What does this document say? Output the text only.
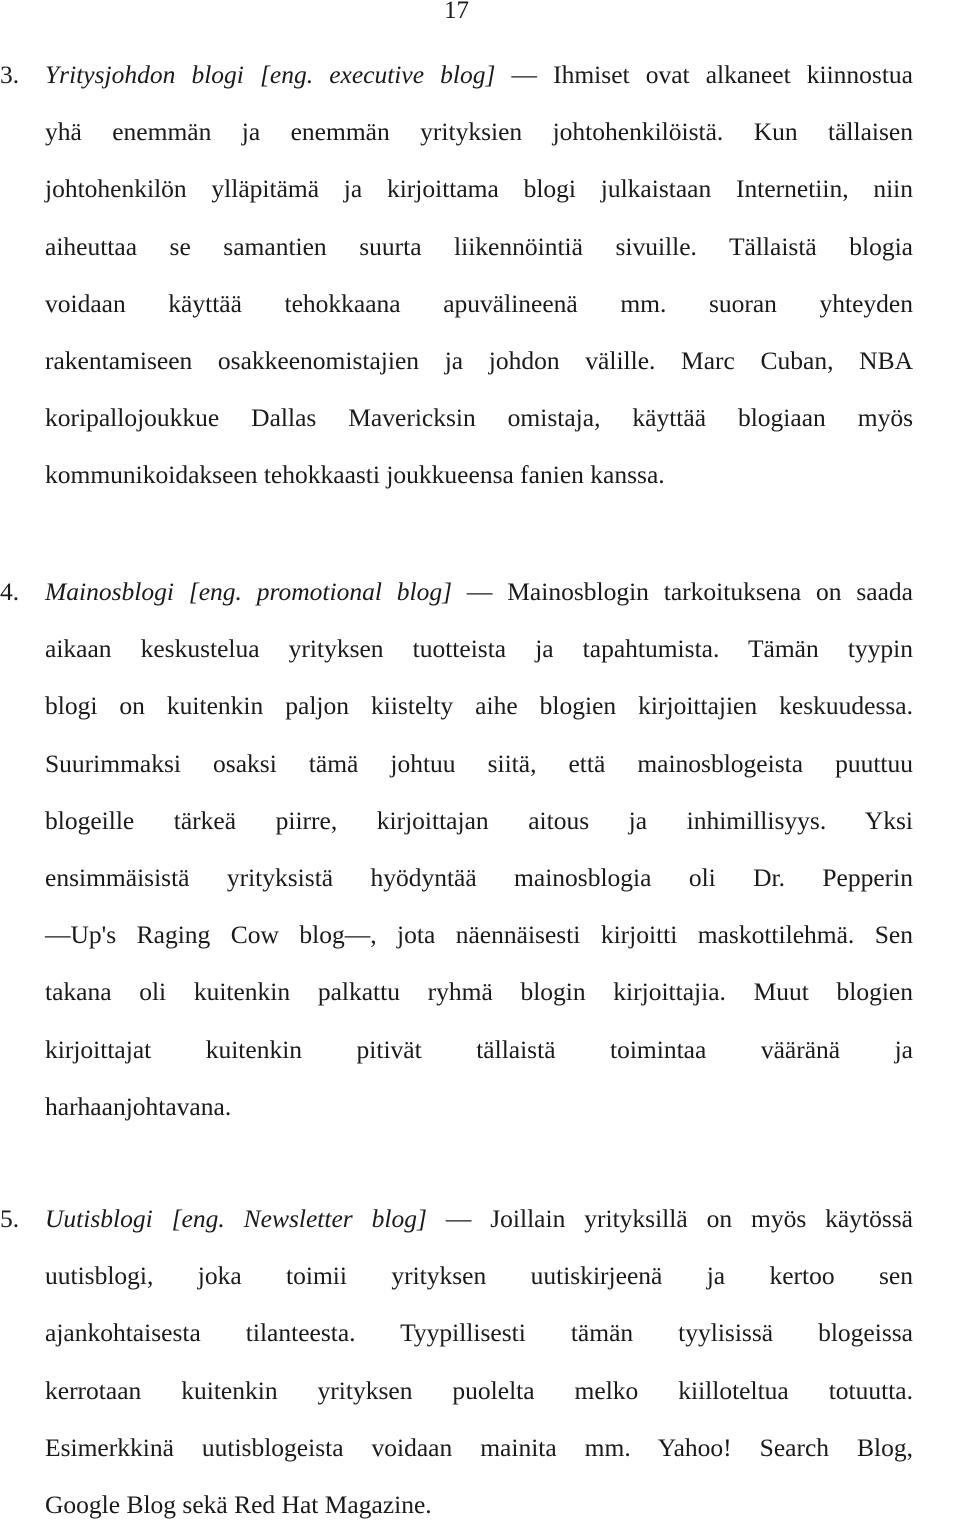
17
3. Yritysjohdon blogi [eng. executive blog] — Ihmiset ovat alkaneet kiinnostua
yhä enemmän ja enemmän yrityksien johtohenkilöistä. Kun tällaisen
johtohenkilön ylläpitämä ja kirjoittama blogi julkaistaan Internetiin, niin
aiheuttaa se samantien suurta liikennöintiä sivuille. Tällaistä blogia
voidaan käyttää tehokkaana apuvälineenä mm. suoran yhteyden
rakentamiseen osakkeenomistajien ja johdon välille. Marc Cuban, NBA
koripallojoukkue Dallas Mavericksin omistaja, käyttää blogiaan myös
kommunikoidakseen tehokkaasti joukkueensa fanien kanssa.
4. Mainosblogi [eng. promotional blog] — Mainosblogin tarkoituksena on saada
aikaan keskustelua yrityksen tuotteista ja tapahtumista. Tämän tyypin
blogi on kuitenkin paljon kiistelty aihe blogien kirjoittajien keskuudessa.
Suurimmaksi osaksi tämä johtuu siitä, että mainosblogeista puuttuu
blogeille tärkeä piirre, kirjoittajan aitous ja inhimillisyys. Yksi
ensimmäisistä yrityksistä hyödyntää mainosblogia oli Dr. Pepperin
—Up's Raging Cow blog—, jota näennäisesti kirjoitti maskottilehmä. Sen
takana oli kuitenkin palkattu ryhmä blogin kirjoittajia. Muut blogien
kirjoittajat kuitenkin pitivät tällaistä toimintaa vääränä ja
harhaanjohtavana.
5. Uutisblogi [eng. Newsletter blog] — Joillain yrityksillä on myös käytössä
uutisblogi, joka toimii yrityksen uutiskirjeenä ja kertoo sen
ajankohtaisesta tilanteesta. Tyypillisesti tämän tyylisissä blogeissa
kerrotaan kuitenkin yrityksen puolelta melko kiilloteltua totuutta.
Esimerkkinä uutisblogeista voidaan mainita mm. Yahoo! Search Blog,
Google Blog sekä Red Hat Magazine.
